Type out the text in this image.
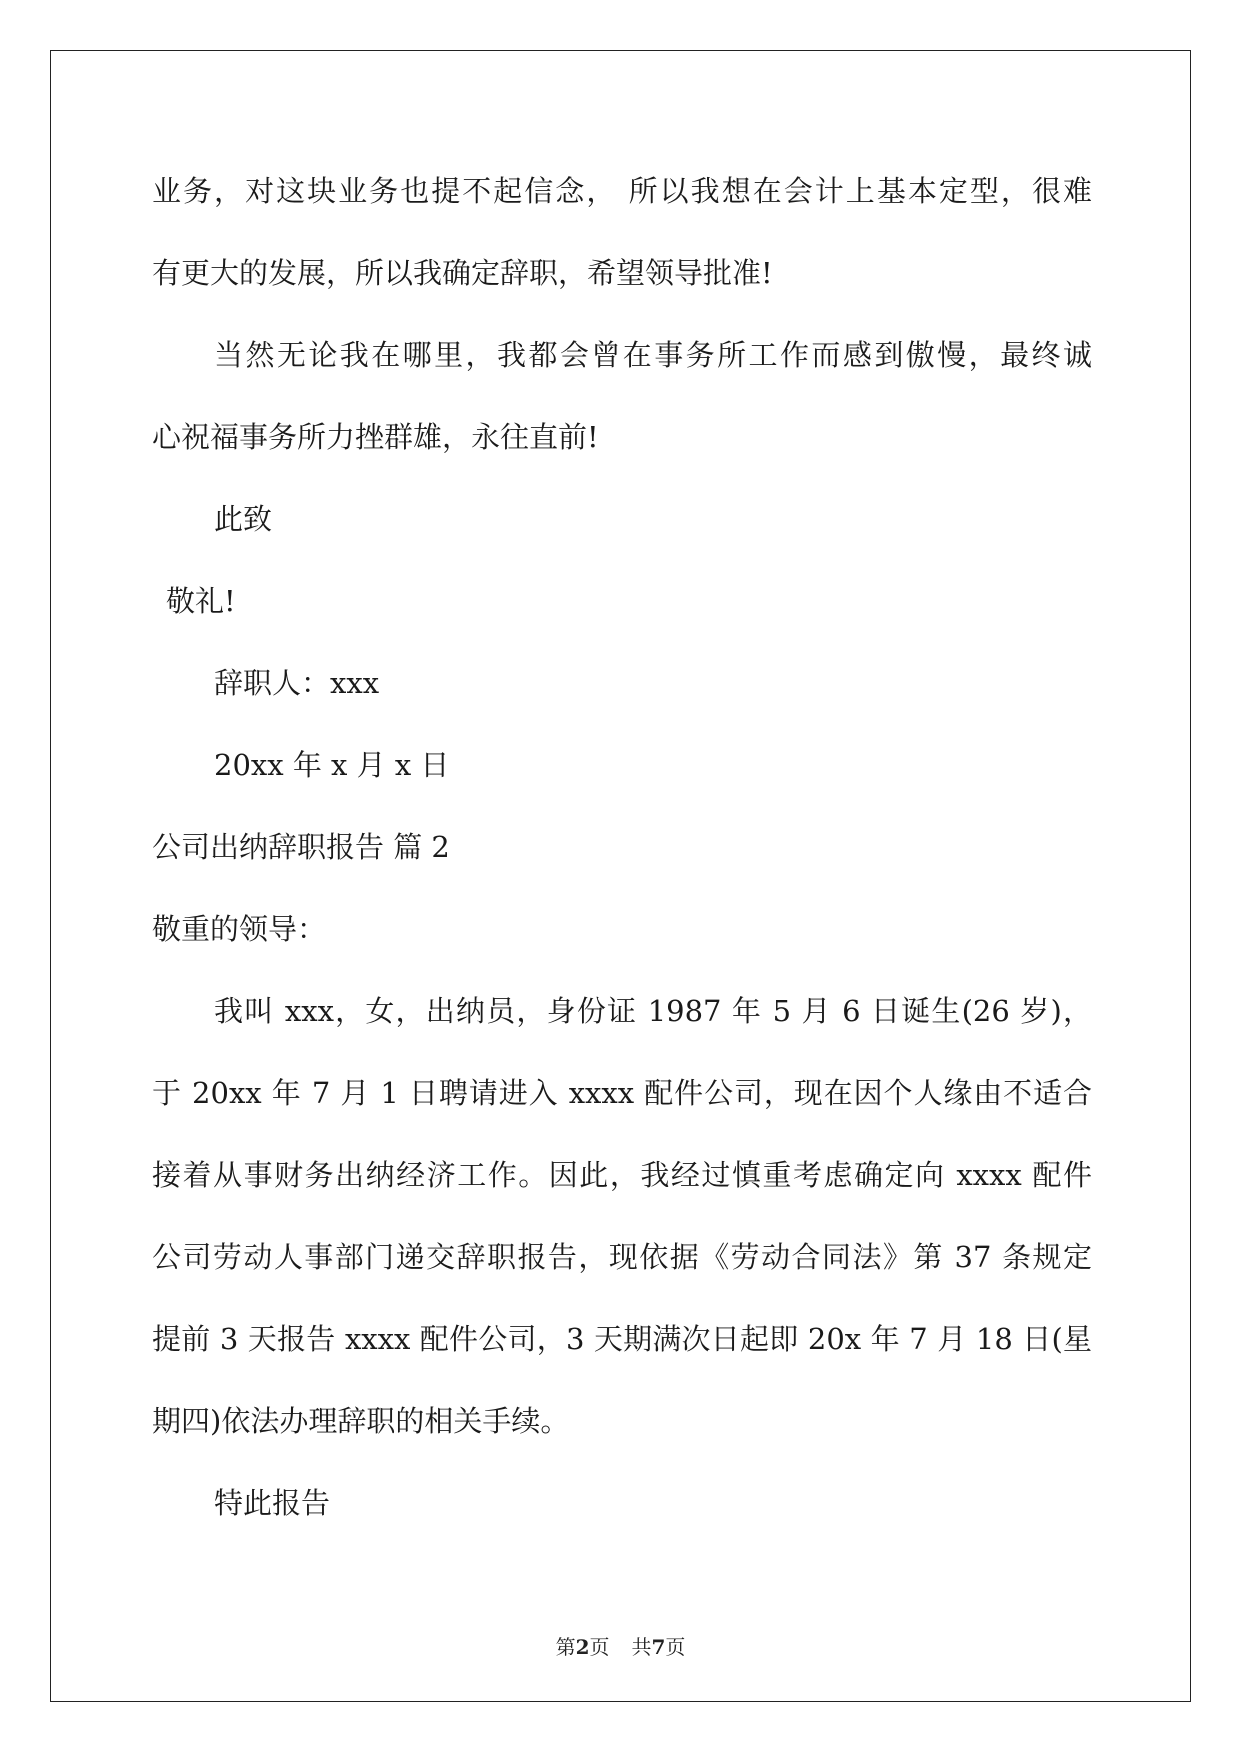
业务，对这块业务也提不起信念， 所以我想在会计上基本定型，很难
有更大的发展，所以我确定辞职，希望领导批准!
当然无论我在哪里，我都会曾在事务所工作而感到傲慢，最终诚
心祝福事务所力挫群雄，永往直前!
此致
敬礼!
辞职人：xxx
20xx 年 x 月 x 日
公司出纳辞职报告 篇 2
敬重的领导：
我叫 xxx，女，出纳员，身份证 1987 年 5 月 6 日诞生(26 岁)，
于 20xx 年 7 月 1 日聘请进入 xxxx 配件公司，现在因个人缘由不适合
接着从事财务出纳经济工作。因此，我经过慎重考虑确定向 xxxx 配件
公司劳动人事部门递交辞职报告，现依据《劳动合同法》第 37 条规定
提前 3 天报告 xxxx 配件公司，3 天期满次日起即 20x 年 7 月 18 日(星
期四)依法办理辞职的相关手续。
特此报告
第2页 共7页
